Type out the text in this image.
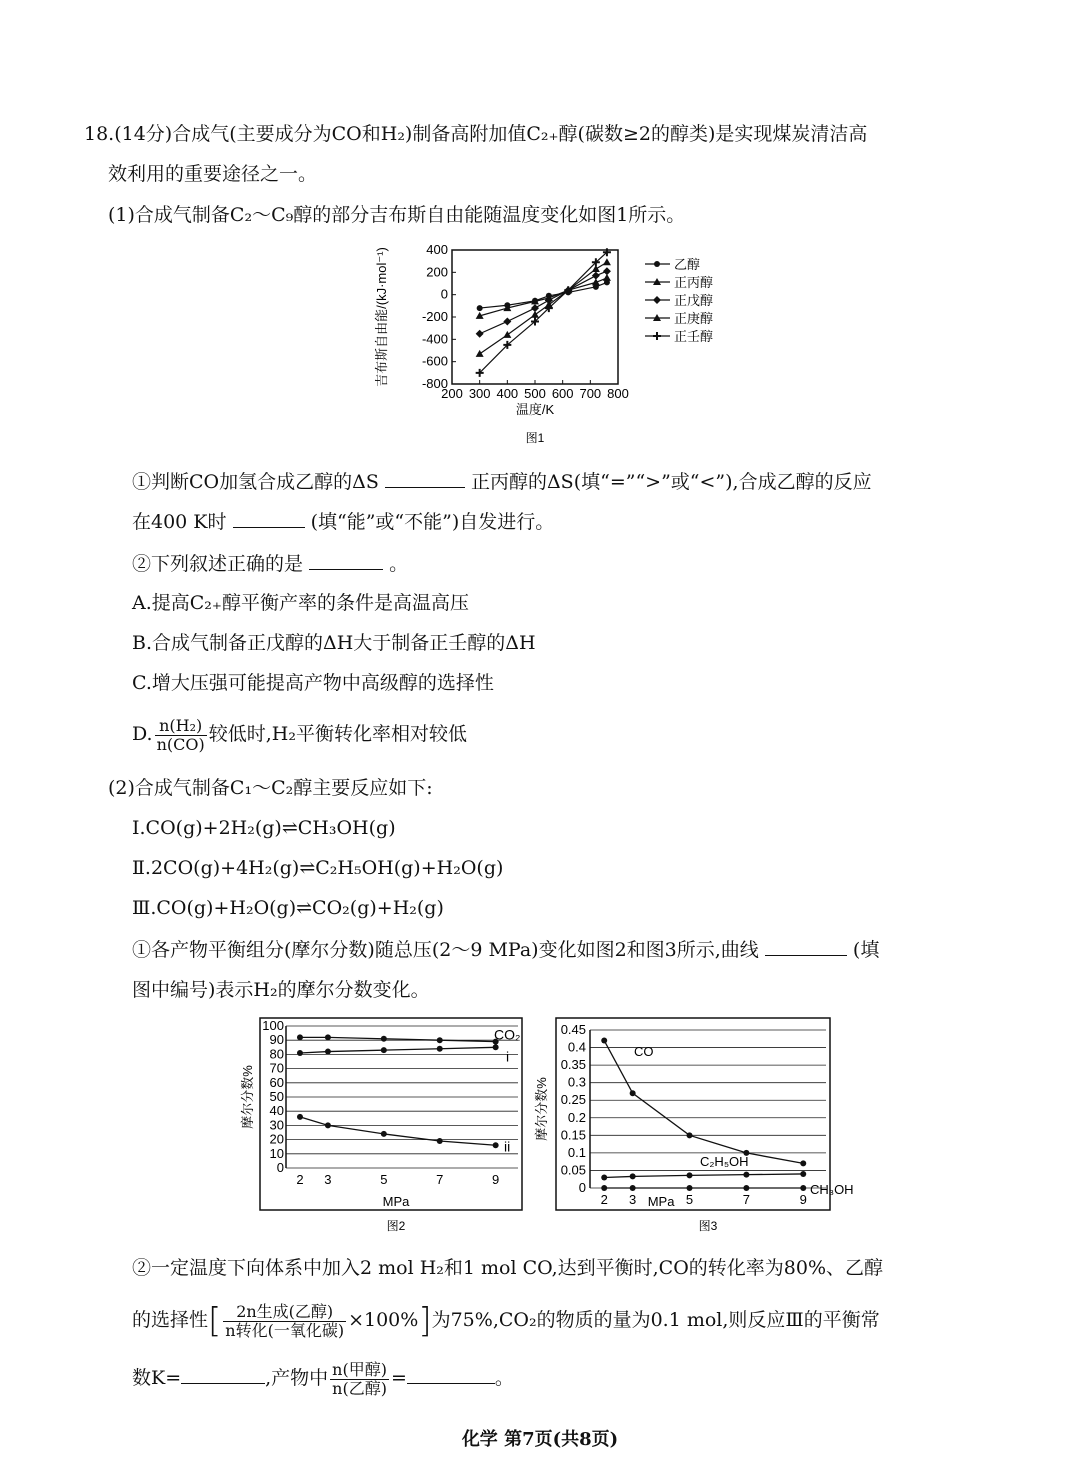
18.(14分)合成气(主要成分为CO和H₂)制备高附加值C₂₊醇(碳数≥2的醇类)是实现煤炭清洁高
效利用的重要途径之一。
(1)合成气制备C₂～C₉醇的部分吉布斯自由能随温度变化如图1所示。
400
200
0
-200
-400
-600
-800
200 300 400 500 600 700 800
温度/K
吉布斯自由能/(kJ·mol⁻¹)
图1
乙醇
正丙醇
正戊醇
正庚醇
正壬醇
①判断CO加氢合成乙醇的ΔS	正丙醇的ΔS(填“=”“>”或“<”),合成乙醇的反应
在400 K时	(填“能”或“不能”)自发进行。
②下列叙述正确的是	。
A.提高C₂₊醇平衡产率的条件是高温高压
B.合成气制备正戊醇的ΔH大于制备正壬醇的ΔH
C.增大压强可能提高产物中高级醇的选择性
D. $\frac{\text{n(H₂)}}{n(CO)}$ 较低时,H₂平衡转化率相对较低
(2)合成气制备C₁～C₂醇主要反应如下:
Ⅰ.CO(g)+2H₂(g)⇌CH₃OH(g)
Ⅱ.2CO(g)+4H₂(g)⇌C₂H₅OH(g)+H₂O(g)
Ⅲ.CO(g)+H₂O(g)⇌CO₂(g)+H₂(g)
①各产物平衡组分(摩尔分数)随总压(2～9 MPa)变化如图2和图3所示,曲线	(填
图中编号)表示H₂的摩尔分数变化。
100
90
80
70
60
50
40
30
20
10
0
2 3	5	7	9
MPa
摩尔分数%
图2
CO₂
i
ii
0.45
0.4
0.35
0.3
0.25
0.2
0.15
0.1
0.05
0
2 3	5	7	9
MPa
摩尔分数%
图3
CO
C₂H₅OH
CH₃OH
②一定温度下向体系中加入2 mol H₂和1 mol CO,达到平衡时,CO的转化率为80%、乙醇
的选择性[ $\frac{\text{2n生成(乙醇)}}{\text{n转化(一氧化碳)}} \times 100\%$]为75%,CO₂的物质的量为0.1 mol,则反应Ⅲ的平衡常
数K=	,产物中 $\frac{\text{n(甲醇)}}{\text{n(乙醇)}}$ =	。
化学 第7页(共8页)
